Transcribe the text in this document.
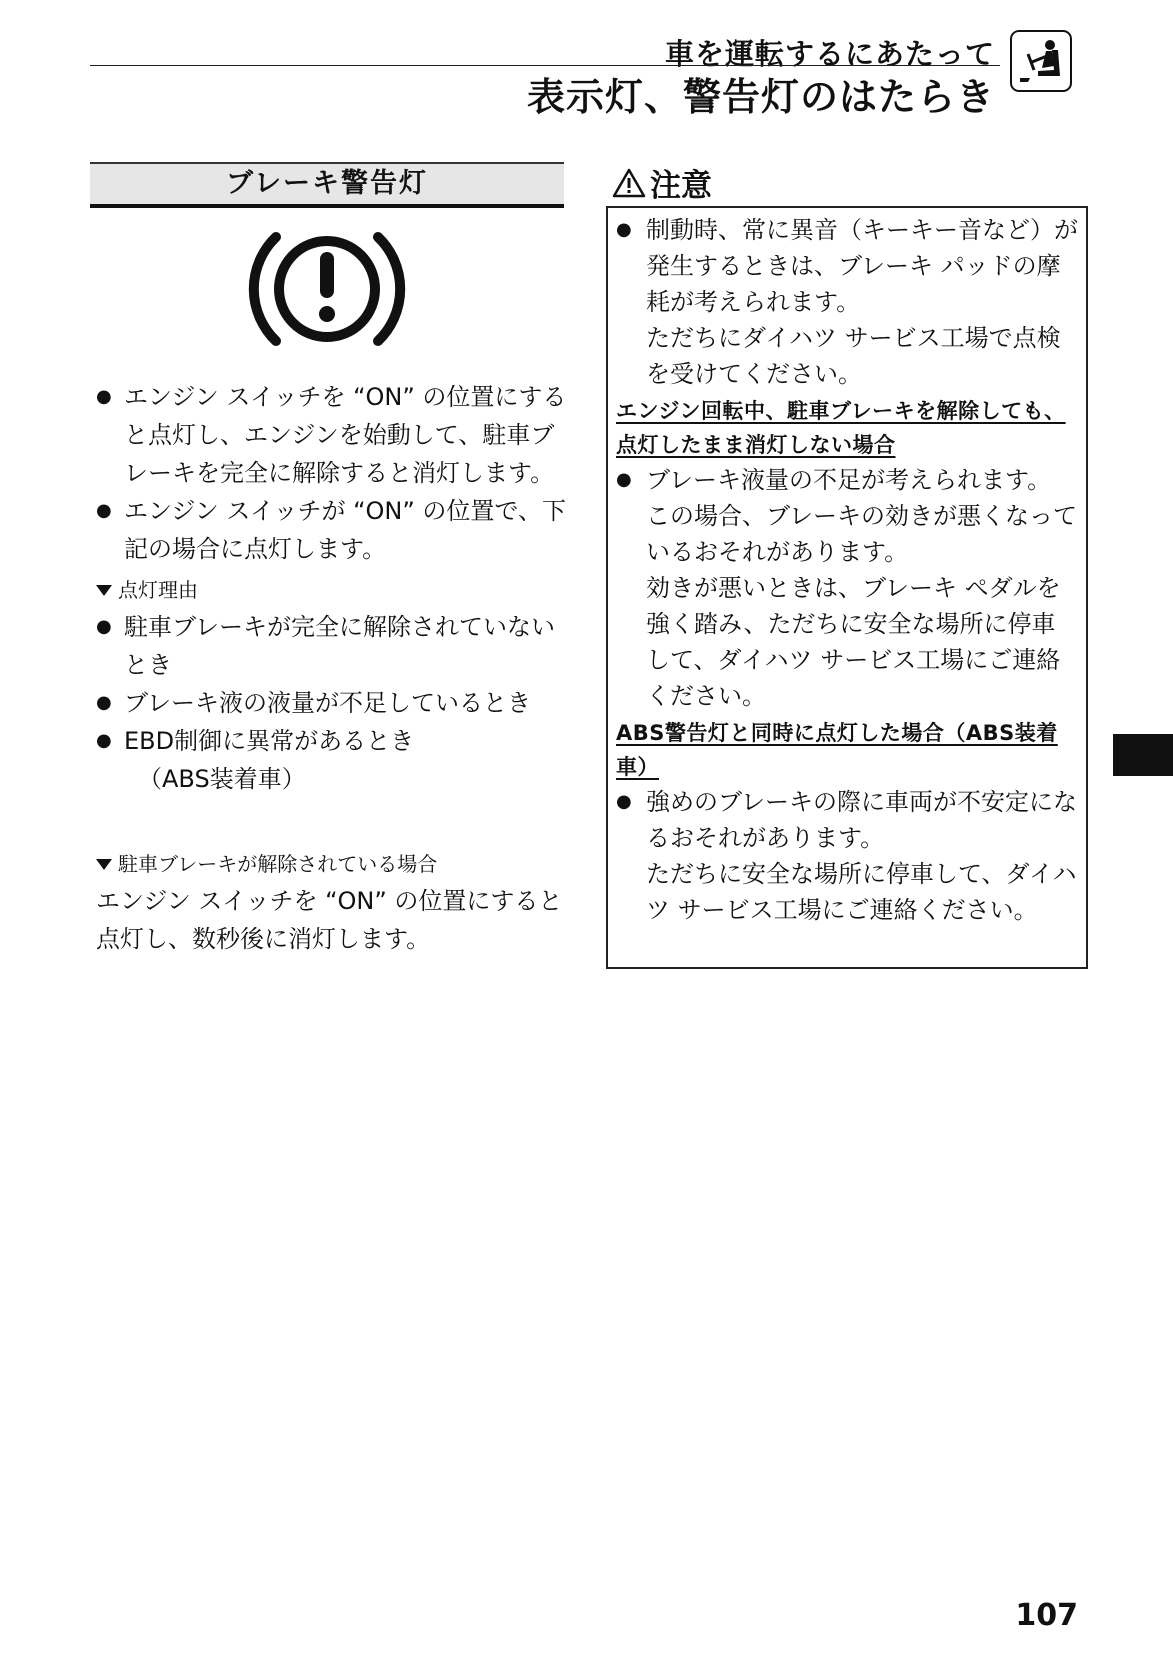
車を運転するにあたって
表示灯、警告灯のはたらき
ブレーキ警告灯
● エンジン スイッチを “ON” の位置にすると点灯し、エンジンを始動して、駐車ブレーキを完全に解除すると消灯します。
● エンジン スイッチが “ON” の位置で、下記の場合に点灯します。
点灯理由
● 駐車ブレーキが完全に解除されていないとき
● ブレーキ液の液量が不足しているとき
● EBD制御に異常があるとき
（ABS装着車）
駐車ブレーキが解除されている場合
エンジン スイッチを “ON” の位置にすると点灯し、数秒後に消灯します。
注意
● 制動時、常に異音（キーキー音など）が発生するときは、ブレーキ パッドの摩耗が考えられます。
ただちにダイハツ サービス工場で点検を受けてください。
エンジン回転中、駐車ブレーキを解除しても、点灯したまま消灯しない場合
● ブレーキ液量の不足が考えられます。
この場合、ブレーキの効きが悪くなっているおそれがあります。
効きが悪いときは、ブレーキ ペダルを強く踏み、ただちに安全な場所に停車して、ダイハツ サービス工場にご連絡ください。
ABS警告灯と同時に点灯した場合（ABS装着車）
● 強めのブレーキの際に車両が不安定になるおそれがあります。
ただちに安全な場所に停車して、ダイハツ サービス工場にご連絡ください。
107
